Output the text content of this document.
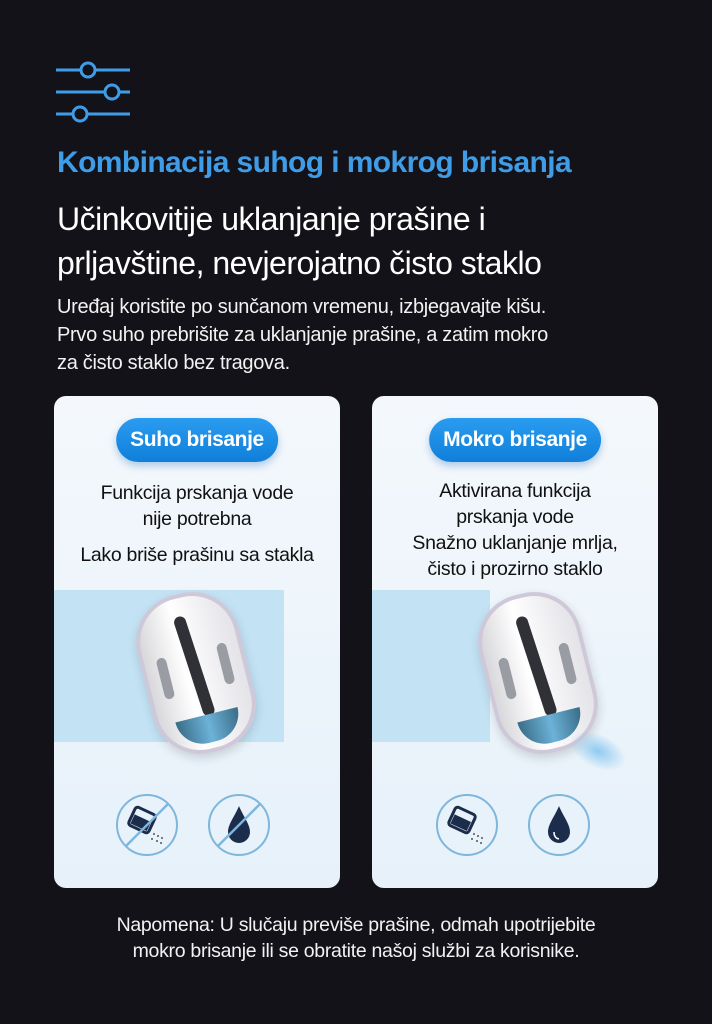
Kombinacija suhog i mokrog brisanja
Učinkovitije uklanjanje prašine i
prljavštine, nevjerojatno čisto staklo
Uređaj koristite po sunčanom vremenu, izbjegavajte kišu.
Prvo suho prebrišite za uklanjanje prašine, a zatim mokro
za čisto staklo bez tragova.
Suho brisanje
Funkcija prskanja vode
nije potrebna
Lako briše prašinu sa stakla
Mokro brisanje
Aktivirana funkcija
prskanja vode
Snažno uklanjanje mrlja,
čisto i prozirno staklo
Napomena: U slučaju previše prašine, odmah upotrijebite
mokro brisanje ili se obratite našoj službi za korisnike.
